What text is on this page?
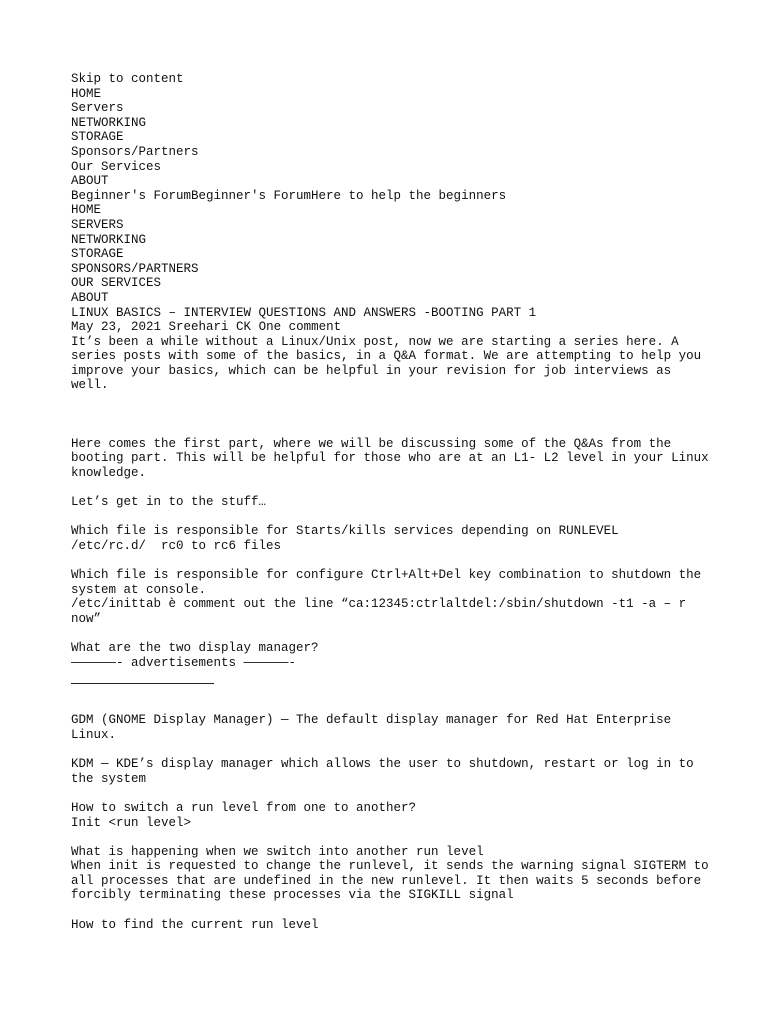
Skip to content
HOME
Servers
NETWORKING
STORAGE
Sponsors/Partners
Our Services
ABOUT
Beginner's ForumBeginner's ForumHere to help the beginners
HOME
SERVERS
NETWORKING
STORAGE
SPONSORS/PARTNERS
OUR SERVICES
ABOUT
LINUX BASICS – INTERVIEW QUESTIONS AND ANSWERS -BOOTING PART 1
May 23, 2021 Sreehari CK One comment
It’s been a while without a Linux/Unix post, now we are starting a series here. A series posts with some of the basics, in a Q&A format. We are attempting to help you improve your basics, which can be helpful in your revision for job interviews as well.
Here comes the first part, where we will be discussing some of the Q&As from the booting part. This will be helpful for those who are at an L1- L2 level in your Linux knowledge.
Let’s get in to the stuff…
Which file is responsible for Starts/kills services depending on RUNLEVEL
/etc/rc.d/  rc0 to rc6 files
Which file is responsible for configure Ctrl+Alt+Del key combination to shutdown the system at console.
/etc/inittab è comment out the line “ca:12345:ctrlaltdel:/sbin/shutdown -t1 -a – r now”
What are the two display manager?
——————- advertisements ——————-
GDM (GNOME Display Manager) — The default display manager for Red Hat Enterprise Linux.
KDM — KDE’s display manager which allows the user to shutdown, restart or log in to the system
How to switch a run level from one to another?
Init <run level>
What is happening when we switch into another run level
When init is requested to change the runlevel, it sends the warning signal SIGTERM to all processes that are undefined in the new runlevel. It then waits 5 seconds before forcibly terminating these processes via the SIGKILL signal
How to find the current run level
